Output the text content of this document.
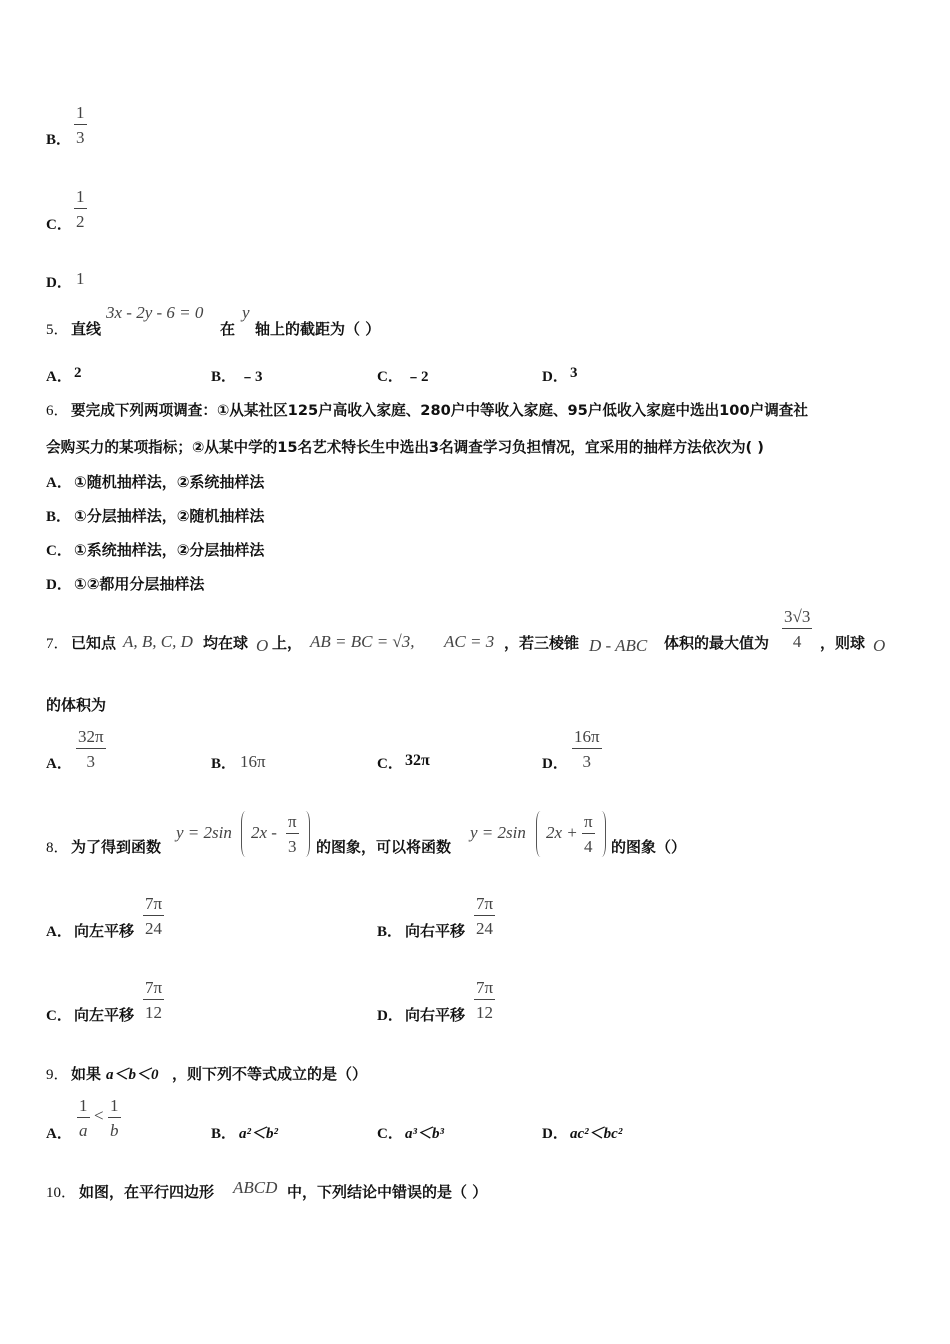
B．
1
3
C．
1
2
D． 1
5． 直线
3x - 2y - 6 = 0
在
y
轴上的截距为（ ）
A． 2	B． ﹣3	C． ﹣2	D． 3
6． 要完成下列两项调查：①从某社区125户高收入家庭、280户中等收入家庭、95户低收入家庭中选出100户调查社
会购买力的某项指标；②从某中学的15名艺术特长生中选出3名调查学习负担情况，宜采用的抽样方法依次为( )
A． ①随机抽样法，②系统抽样法
B． ①分层抽样法，②随机抽样法
C． ①系统抽样法，②分层抽样法
D． ①②都用分层抽样法
7． 已知点 A, B, C, D 均在球 O 上， AB = BC = √3, AC = 3 ，若三棱锥 D - ABC 体积的最大值为
3√3
4 ，则球 O
的体积为
A．
32π
3	B． 16π	C． 32π	D．
16π
3
8． 为了得到函数
y = 2sin 2x -
π
3 的图象，可以将函数
y = 2sin 2x +
π
4 的图象（）
A． 向左平移
7π
24	B． 向右平移
7π
24
C． 向左平移
7π
12	D． 向右平移
7π
12
9． 如果 a＜b＜0 ，则下列不等式成立的是（）
A．
1
a
<
1
b	B． a²＜b²	C． a³＜b³	D． ac²＜bc²
10． 如图，在平行四边形 ABCD 中，下列结论中错误的是（ ）
